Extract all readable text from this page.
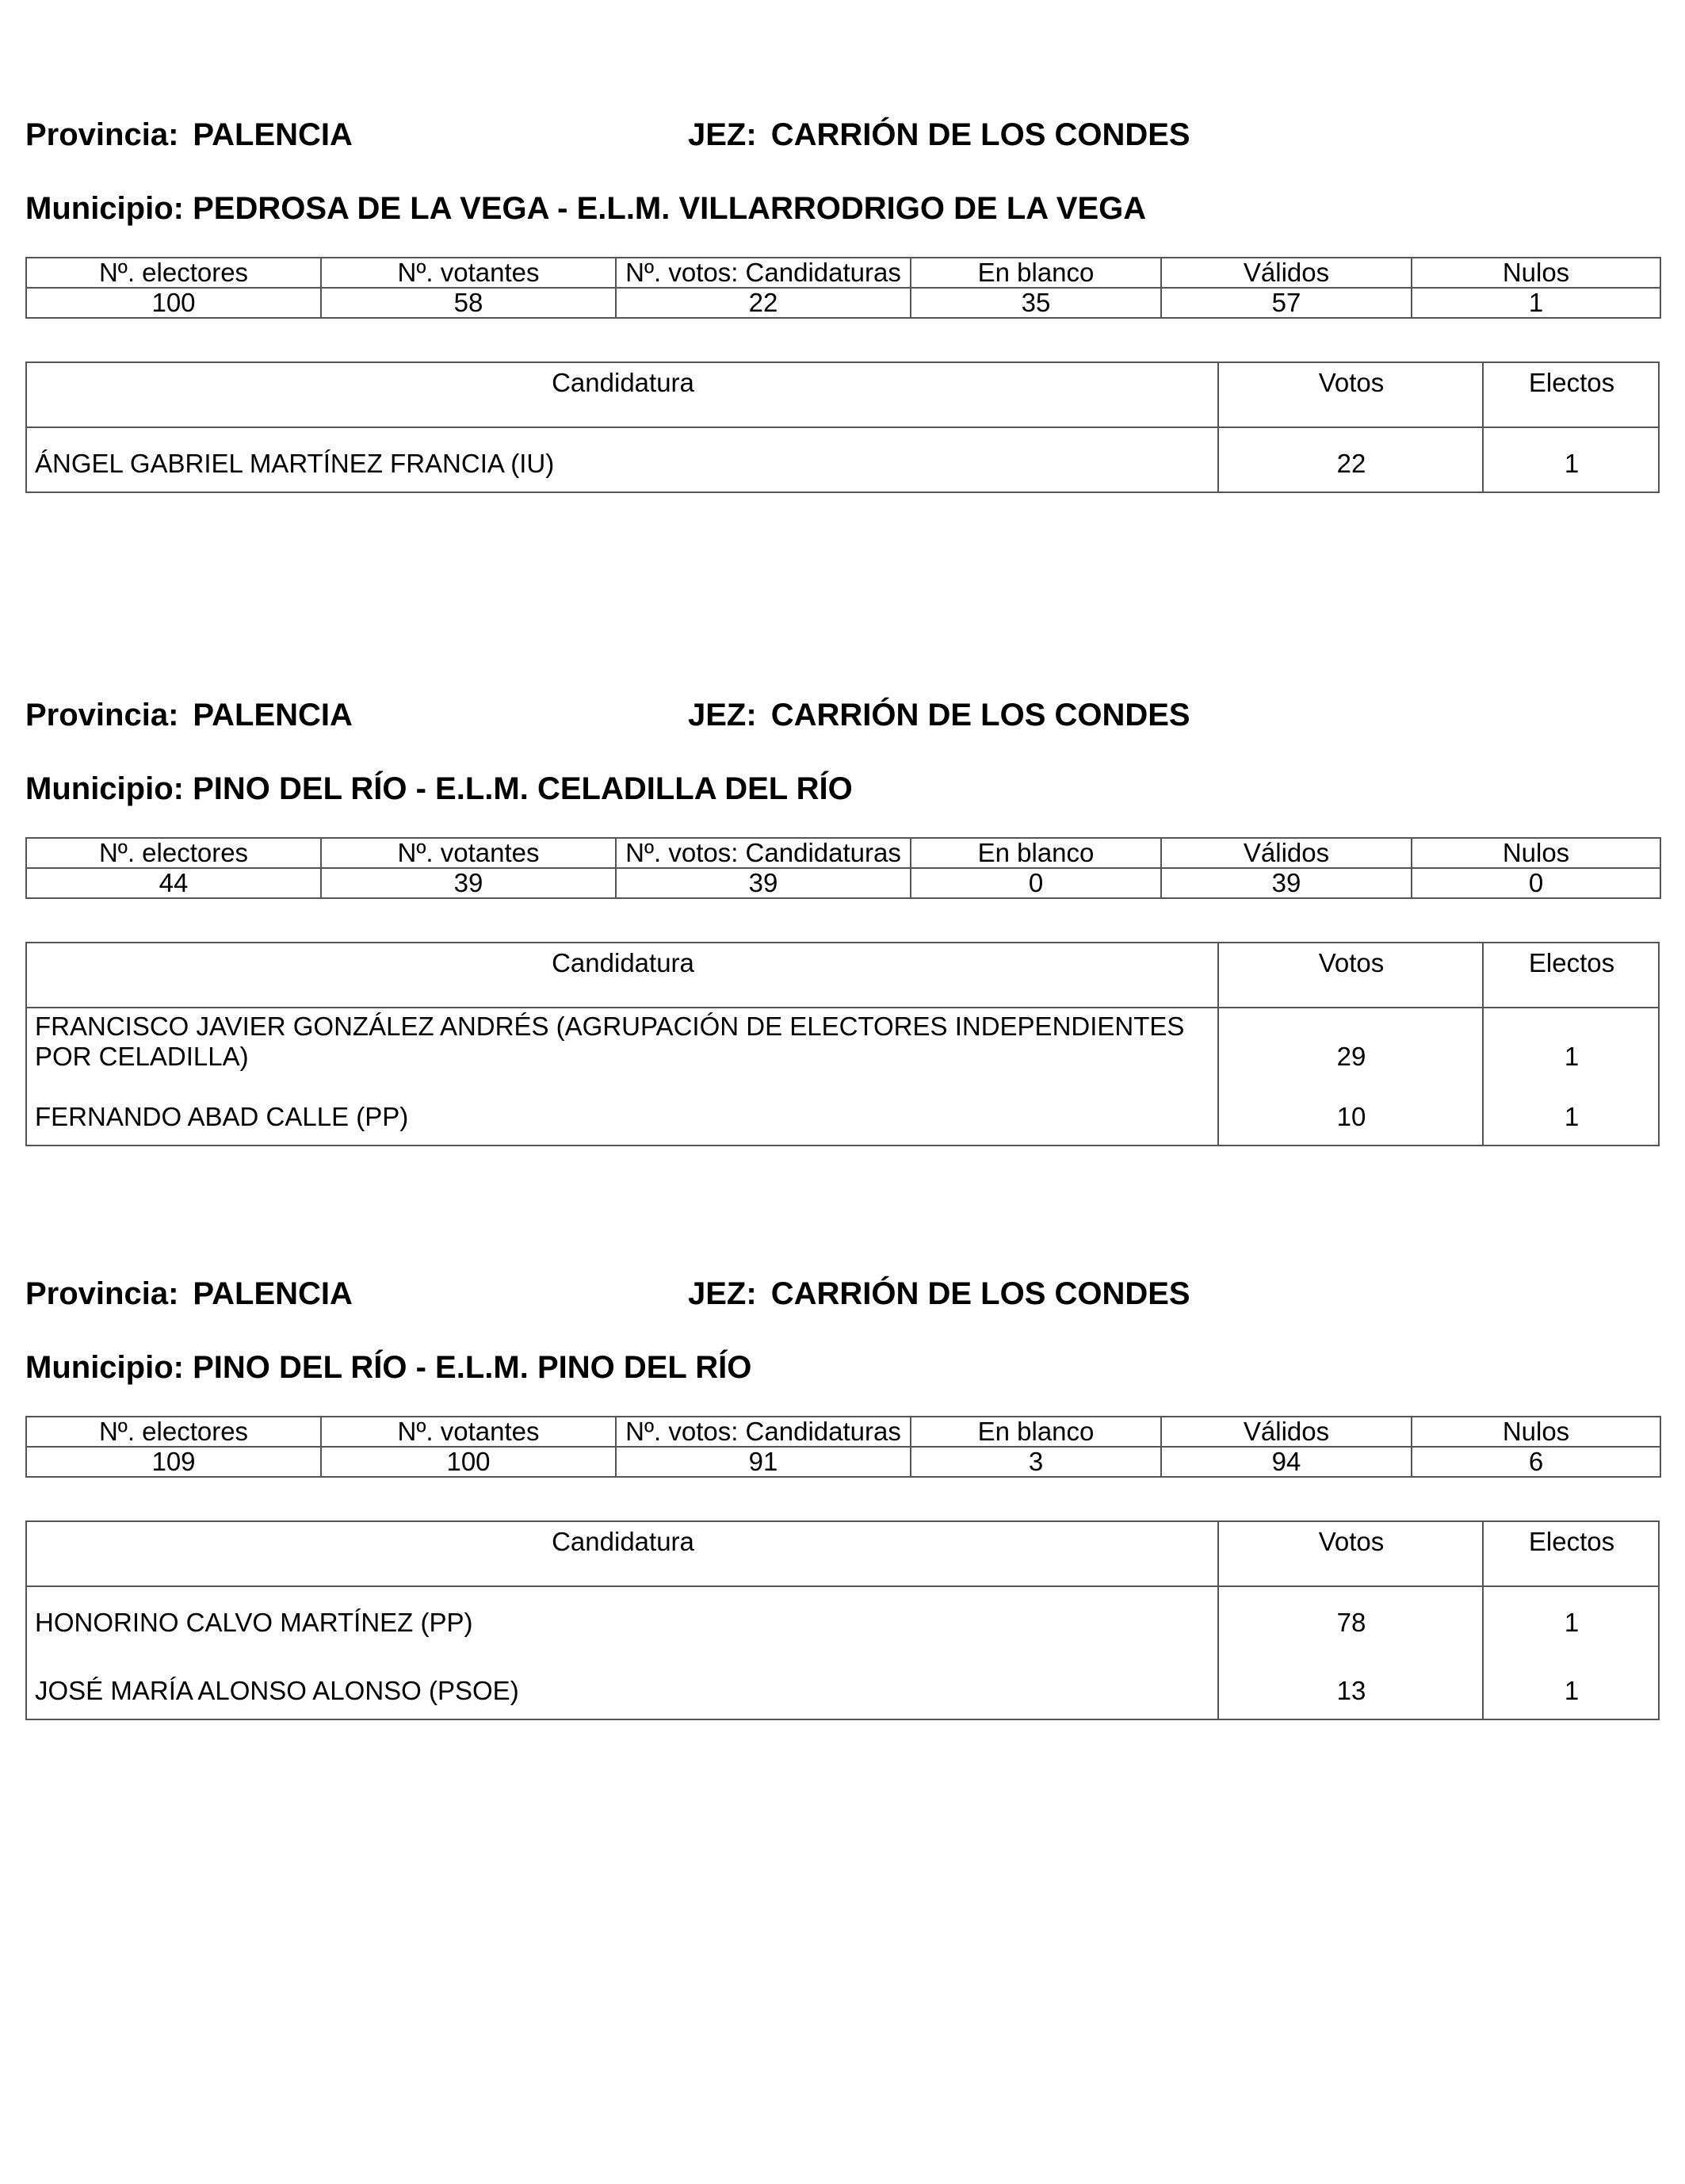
Provincia: PALENCIA	JEZ: CARRIÓN DE LOS CONDES
Municipio: PEDROSA DE LA VEGA - E.L.M. VILLARRODRIGO DE LA VEGA
Nº. electores	Nº. votantes	Nº. votos: Candidaturas	En blanco	Válidos	Nulos
100	58	22	35	57	1
Candidatura	Votos	Electos
ÁNGEL GABRIEL MARTÍNEZ FRANCIA (IU)	22	1
Provincia: PALENCIA	JEZ: CARRIÓN DE LOS CONDES
Municipio: PINO DEL RÍO - E.L.M. CELADILLA DEL RÍO
Nº. electores	Nº. votantes	Nº. votos: Candidaturas	En blanco	Válidos	Nulos
44	39	39	0	39	0
Candidatura	Votos	Electos
FRANCISCO JAVIER GONZÁLEZ ANDRÉS (AGRUPACIÓN DE ELECTORES INDEPENDIENTES
POR CELADILLA)	29	1
FERNANDO ABAD CALLE (PP)	10	1
Provincia: PALENCIA	JEZ: CARRIÓN DE LOS CONDES
Municipio: PINO DEL RÍO - E.L.M. PINO DEL RÍO
Nº. electores	Nº. votantes	Nº. votos: Candidaturas	En blanco	Válidos	Nulos
109	100	91	3	94	6
Candidatura	Votos	Electos
HONORINO CALVO MARTÍNEZ (PP)	78	1
JOSÉ MARÍA ALONSO ALONSO (PSOE)	13	1
